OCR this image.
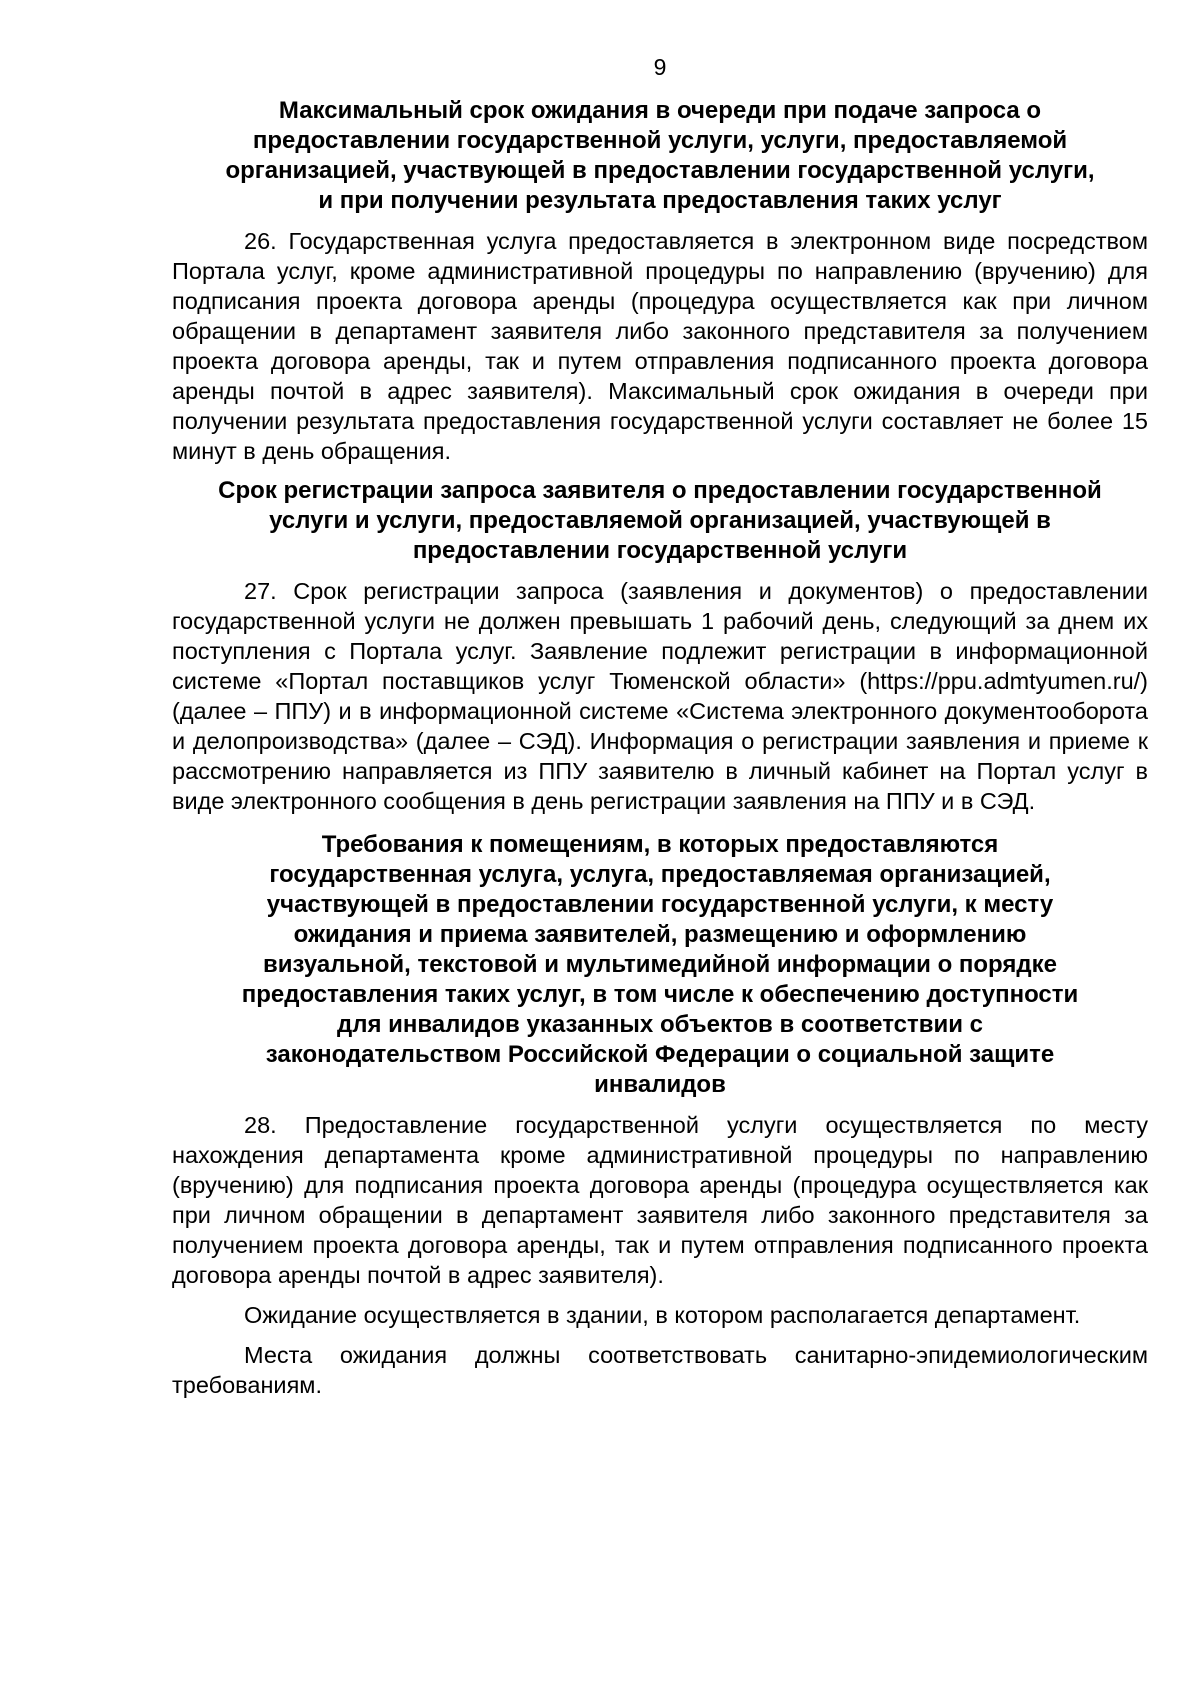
9
Максимальный срок ожидания в очереди при подаче запроса о
предоставлении государственной услуги, услуги, предоставляемой
организацией, участвующей в предоставлении государственной услуги,
и при получении результата предоставления таких услуг

26. Государственная услуга предоставляется в электронном виде посредством Портала услуг, кроме административной процедуры по направлению (вручению) для подписания проекта договора аренды (процедура осуществляется как при личном обращении в департамент заявителя либо законного представителя за получением проекта договора аренды, так и путем отправления подписанного проекта договора аренды почтой в адрес заявителя). Максимальный срок ожидания в очереди при получении результата предоставления государственной услуги составляет не более 15 минут в день обращения.

Срок регистрации запроса заявителя о предоставлении государственной
услуги и услуги, предоставляемой организацией, участвующей в
предоставлении государственной услуги

27. Срок регистрации запроса (заявления и документов) о предоставлении государственной услуги не должен превышать 1 рабочий день, следующий за днем их поступления с Портала услуг. Заявление подлежит регистрации в информационной системе «Портал поставщиков услуг Тюменской области» (https://ppu.admtyumen.ru/) (далее – ППУ) и в информационной системе «Система электронного документооборота и делопроизводства» (далее – СЭД). Информация о регистрации заявления и приеме к рассмотрению направляется из ППУ заявителю в личный кабинет на Портал услуг в виде электронного сообщения в день регистрации заявления на ППУ и в СЭД.

Требования к помещениям, в которых предоставляются
государственная услуга, услуга, предоставляемая организацией,
участвующей в предоставлении государственной услуги, к месту
ожидания и приема заявителей, размещению и оформлению
визуальной, текстовой и мультимедийной информации о порядке
предоставления таких услуг, в том числе к обеспечению доступности
для инвалидов указанных объектов в соответствии с
законодательством Российской Федерации о социальной защите
инвалидов

28. Предоставление государственной услуги осуществляется по месту нахождения департамента кроме административной процедуры по направлению (вручению) для подписания проекта договора аренды (процедура осуществляется как при личном обращении в департамент заявителя либо законного представителя за получением проекта договора аренды, так и путем отправления подписанного проекта договора аренды почтой в адрес заявителя).

Ожидание осуществляется в здании, в котором располагается департамент.

Места ожидания должны соответствовать санитарно-эпидемиологическим требованиям.
